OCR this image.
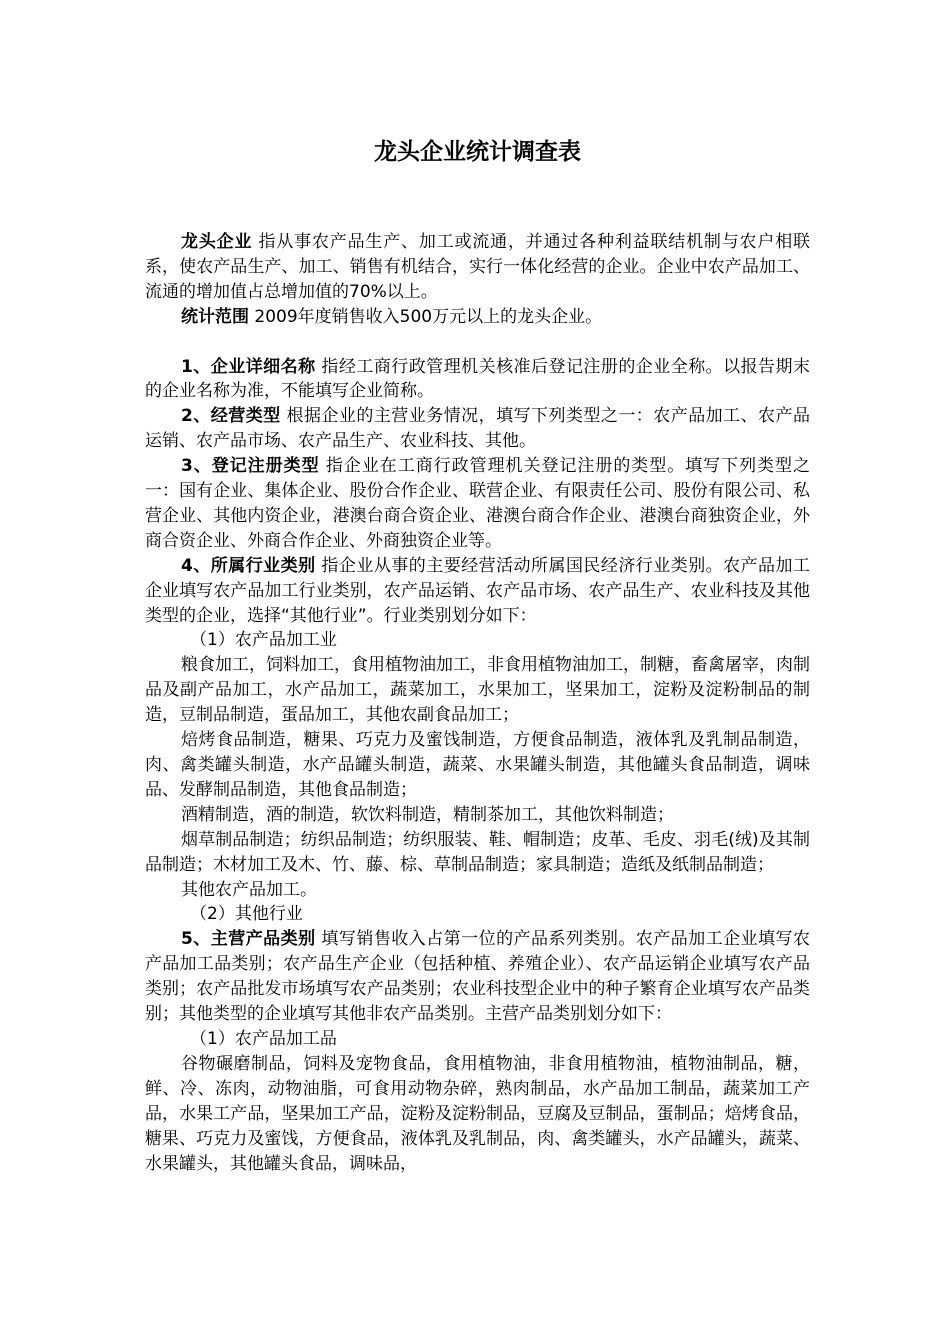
龙头企业统计调查表

龙头企业 指从事农产品生产、加工或流通，并通过各种利益联结机制与农户相联系，使农产品生产、加工、销售有机结合，实行一体化经营的企业。企业中农产品加工、流通的增加值占总增加值的70%以上。

统计范围 2009年度销售收入500万元以上的龙头企业。

1、企业详细名称 指经工商行政管理机关核准后登记注册的企业全称。以报告期末的企业名称为准，不能填写企业简称。

2、经营类型 根据企业的主营业务情况，填写下列类型之一：农产品加工、农产品运销、农产品市场、农产品生产、农业科技、其他。

3、登记注册类型 指企业在工商行政管理机关登记注册的类型。填写下列类型之一：国有企业、集体企业、股份合作企业、联营企业、有限责任公司、股份有限公司、私营企业、其他内资企业，港澳台商合资企业、港澳台商合作企业、港澳台商独资企业，外商合资企业、外商合作企业、外商独资企业等。

4、所属行业类别 指企业从事的主要经营活动所属国民经济行业类别。农产品加工企业填写农产品加工行业类别，农产品运销、农产品市场、农产品生产、农业科技及其他类型的企业，选择“其他行业”。行业类别划分如下：

（1）农产品加工业

粮食加工，饲料加工，食用植物油加工，非食用植物油加工，制糖，畜禽屠宰，肉制品及副产品加工，水产品加工，蔬菜加工，水果加工，坚果加工，淀粉及淀粉制品的制造，豆制品制造，蛋品加工，其他农副食品加工；

焙烤食品制造，糖果、巧克力及蜜饯制造，方便食品制造，液体乳及乳制品制造，肉、禽类罐头制造，水产品罐头制造，蔬菜、水果罐头制造，其他罐头食品制造，调味品、发酵制品制造，其他食品制造；

酒精制造，酒的制造，软饮料制造，精制茶加工，其他饮料制造；

烟草制品制造；纺织品制造；纺织服装、鞋、帽制造；皮革、毛皮、羽毛(绒)及其制品制造；木材加工及木、竹、藤、棕、草制品制造；家具制造；造纸及纸制品制造；

其他农产品加工。

（2）其他行业

5、主营产品类别 填写销售收入占第一位的产品系列类别。农产品加工企业填写农产品加工品类别；农产品生产企业（包括种植、养殖企业）、农产品运销企业填写农产品类别；农产品批发市场填写农产品类别；农业科技型企业中的种子繁育企业填写农产品类别；其他类型的企业填写其他非农产品类别。主营产品类别划分如下：

（1）农产品加工品

谷物碾磨制品，饲料及宠物食品，食用植物油，非食用植物油，植物油制品，糖，鲜、冷、冻肉，动物油脂，可食用动物杂碎，熟肉制品，水产品加工制品，蔬菜加工产品，水果工产品，坚果加工产品，淀粉及淀粉制品，豆腐及豆制品，蛋制品；焙烤食品，糖果、巧克力及蜜饯，方便食品，液体乳及乳制品，肉、禽类罐头，水产品罐头，蔬菜、水果罐头，其他罐头食品，调味品，
